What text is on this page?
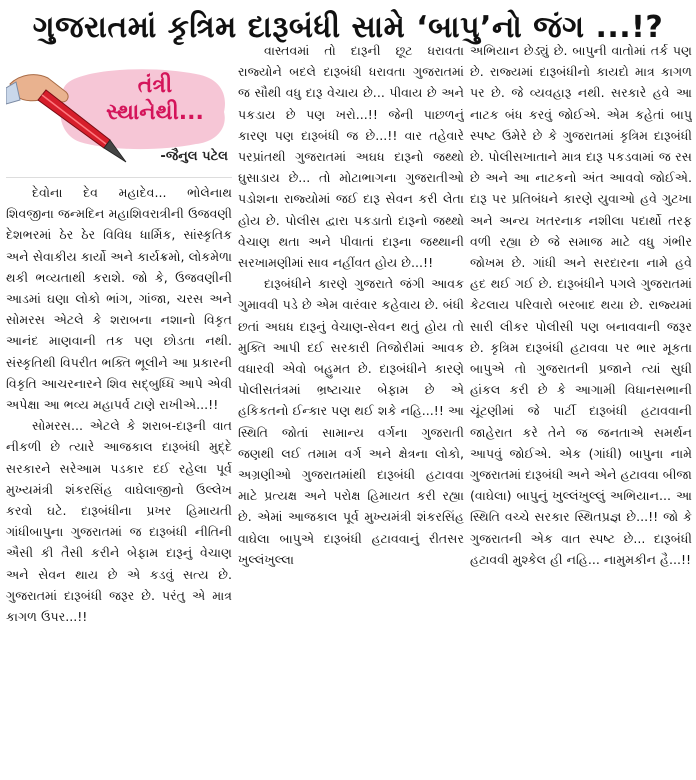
ગુજરાતમાં કૃત્રિમ દારૂબંધી સામે ‘બાપુ’નો જંગ ...!?
તંત્રી
સ્થાનેથી...
-જૈનુલ પટેલ

દેવોના દેવ મહાદેવ... ભોલેનાથ શિવજીના જન્મદિન મહાશિવરાત્રીની ઉજવણી દેશભરમાં ઠેર ઠેર વિવિધ ધાર્મિક, સાંસ્કૃતિક અને સેવાકીય કાર્યો અને કાર્યક્રમો, લોકમેળા થકી ભવ્યતાથી કરાશે. જો કે, ઉજવણીની આડમાં ઘણા લોકો ભાંગ, ગાંજા, ચરસ અને સોમરસ એટલે કે શરાબના નશાનો વિકૃત આનંદ માણવાની તક પણ છોડતા નથી. સંસ્કૃતિથી વિપરીત ભક્તિ ભૂલીને આ પ્રકારની વિકૃતિ આચરનારને શિવ સદ્બુધ્ધિ આપે એવી અપેક્ષા આ ભવ્ય મહાપર્વ ટાણે રાખીએ...!!

સોમરસ... એટલે કે શરાબ-દારૂની વાત નીકળી છે ત્યારે આજકાલ દારૂબંધી મુદ્દે સરકારને સરેઆમ પડકાર દઈ રહેલા પૂર્વ મુખ્યમંત્રી શંકરસિંહ વાઘેલાજીનો ઉલ્લેખ કરવો ઘટે. દારૂબંધીના પ્રખર હિમાયતી ગાંધીબાપુના ગુજરાતમાં જ દારૂબંધી નીતિની ઐસી કી તૈસી કરીને બેફામ દારૂનું વેચાણ અને સેવન થાય છે એ કડવું સત્ય છે. ગુજરાતમાં દારૂબંધી જરૂર છે. પરંતુ એ માત્ર કાગળ ઉપર...!!

વાસ્તવમાં તો દારૂની છૂટ ધરાવતા રાજ્યોને બદલે દારૂબંધી ધરાવતા ગુજરાતમાં જ સૌથી વધુ દારૂ વેચાય છે... પીવાય છે અને પકડાય છે પણ ખરો...!! જેની પાછળનું કારણ પણ દારૂબંધી જ છે...!! વાર તહેવારે પરપ્રાંતથી ગુજરાતમાં અઘધ દારૂનો જથ્થો ઘુસાડાય છે... તો મોટાભાગના ગુજરાતીઓ પડોશના રાજ્યોમાં જઈ દારૂ સેવન કરી લેતા હોય છે. પોલીસ દ્વારા પકડાતો દારૂનો જથ્થો વેચાણ થતા અને પીવાતાં દારૂના જથ્થાની સરખામણીમાં સાવ નહીંવત હોય છે...!!

દારૂબંધીને કારણે ગુજરાતે જંગી આવક ગુમાવવી પડે છે એમ વારંવાર કહેવાય છે. બંધી છતાં અઘધ દારૂનું વેચાણ-સેવન થતું હોય તો મુક્તિ આપી દઈ સરકારી તિજોરીમાં આવક વધારવી એવો બહુમત છે. દારૂબંધીને કારણે પોલીસતંત્રમાં ભ્રષ્ટાચાર બેફામ છે એ હકિકતનો ઈન્કાર પણ થઈ શકે નહિ...!! આ સ્થિતિ જોતાં સામાન્ય વર્ગના ગુજરાતી જણથી લઈ તમામ વર્ગ અને ક્ષેત્રના લોકો, અગ્રણીઓ ગુજરાતમાંથી દારૂબંધી હટાવવા માટે પ્રત્યક્ષ અને પરોક્ષ હિમાયત કરી રહ્યા છે. એમાં આજકાલ પૂર્વ મુખ્યમંત્રી શંકરસિંહ વાઘેલા બાપુએ દારૂબંધી હટાવવાનું રીતસર ખુલ્લંખુલ્લા

અભિયાન છેડ્યું છે. બાપુની વાતોમાં તર્ક પણ છે. રાજ્યમાં દારૂબંધીનો કાયદો માત્ર કાગળ પર છે. જે વ્યવહારૂ નથી. સરકારે હવે આ નાટક બંધ કરવું જોઈએ. એમ કહેતાં બાપુ સ્પષ્ટ ઉમેરે છે કે ગુજરાતમાં કૃત્રિમ દારૂબંધી છે. પોલીસખાતાને માત્ર દારૂ પકડવામાં જ રસ છે અને આ નાટકનો અંત આવવો જોઈએ. દારૂ પર પ્રતિબંધને કારણે યુવાઓ હવે ગુટખા અને અન્ય ખતરનાક નશીલા પદાર્થો તરફ વળી રહ્યા છે જે સમાજ માટે વધુ ગંભીર જોખમ છે. ગાંધી અને સરદારના નામે હવે હદ થઈ ગઈ છે. દારૂબંધીને પગલે ગુજરાતમાં કેટલાય પરિવારો બરબાદ થયા છે. રાજ્યમાં સારી લીકર પોલીસી પણ બનાવવાની જરૂર છે. કૃત્રિમ દારૂબંધી હટાવવા પર ભાર મૂકતા બાપુએ તો ગુજરાતની પ્રજાને ત્યાં સુધી હાંકલ કરી છે કે આગામી વિધાનસભાની ચૂંટણીમાં જે પાર્ટી દારૂબંધી હટાવવાની જાહેરાત કરે તેને જ જનતાએ સમર્થન આપવું જોઈએ. એક (ગાંધી) બાપુના નામે ગુજરાતમાં દારૂબંધી અને એને હટાવવા બીજા (વાઘેલા) બાપુનું ખુલ્લંખુલ્લું અભિયાન... આ સ્થિતિ વચ્ચે સરકાર સ્થિતપ્રજ્ઞ છે...!! જો કે ગુજરાતની એક વાત સ્પષ્ટ છે... દારૂબંધી હટાવવી મુશ્કેલ હી નહિ... નામુમકીન હૈ...!!
